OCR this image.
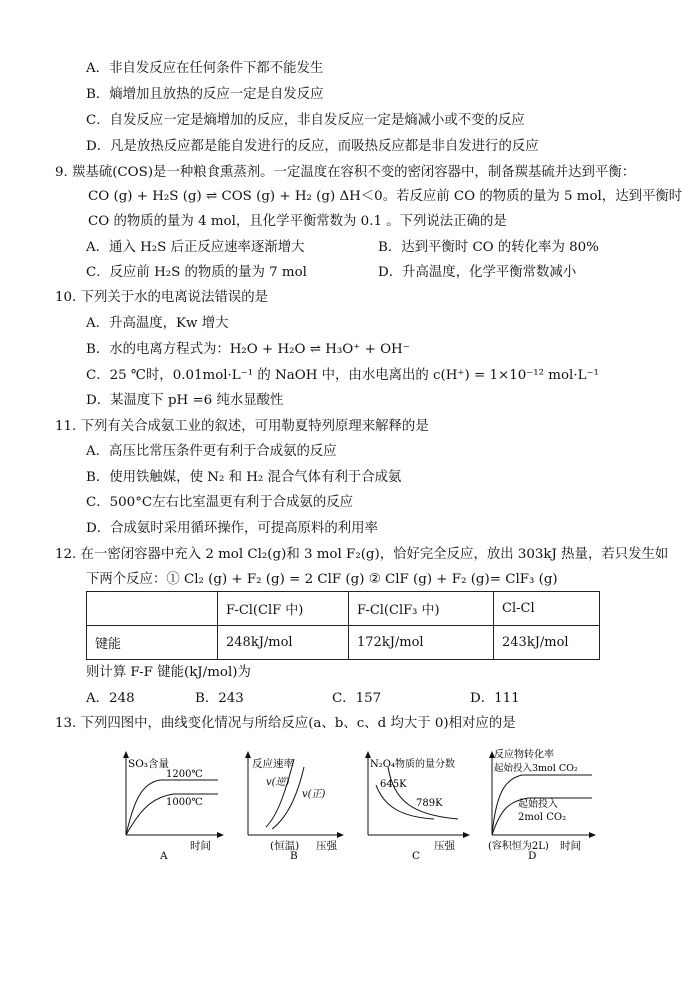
A．非自发反应在任何条件下都不能发生
B．熵增加且放热的反应一定是自发反应
C．自发反应一定是熵增加的反应，非自发反应一定是熵减小或不变的反应
D．凡是放热反应都是能自发进行的反应，而吸热反应都是非自发进行的反应
9. 羰基硫(COS)是一种粮食熏蒸剂。一定温度在容积不变的密闭容器中，制备羰基硫并达到平衡：
CO (g) + H₂S (g) ⇌ COS (g) + H₂ (g) ΔH＜0。若反应前 CO 的物质的量为 5 mol，达到平衡时
CO 的物质的量为 4 mol，且化学平衡常数为 0.1 。下列说法正确的是
A．通入 H₂S 后正反应速率逐渐增大	B．达到平衡时 CO 的转化率为 80%
C．反应前 H₂S 的物质的量为 7 mol	D．升高温度，化学平衡常数减小
10. 下列关于水的电离说法错误的是
A．升高温度，Kw 增大
B．水的电离方程式为：H₂O + H₂O ⇌ H₃O⁺ + OH⁻
C．25 ℃时，0.01mol·L⁻¹ 的 NaOH 中，由水电离出的 c(H⁺) = 1×10⁻¹² mol·L⁻¹
D．某温度下 pH =6 纯水显酸性
11. 下列有关合成氨工业的叙述，可用勒夏特列原理来解释的是
A．高压比常压条件更有利于合成氨的反应
B．使用铁触媒，使 N₂ 和 H₂ 混合气体有利于合成氨
C．500°C左右比室温更有利于合成氨的反应
D．合成氨时采用循环操作，可提高原料的利用率
12. 在一密闭容器中充入 2 mol Cl₂(g)和 3 mol F₂(g)，恰好完全反应，放出 303kJ 热量，若只发生如
下两个反应：① Cl₂ (g) + F₂ (g) = 2 ClF (g) ② ClF (g) + F₂ (g)= ClF₃ (g)
	F-Cl(ClF 中)	F-Cl(ClF₃ 中)	Cl-Cl
键能	248kJ/mol	172kJ/mol	243kJ/mol
则计算 F-F 键能(kJ/mol)为
A．248	B．243	C．157	D．111
13. 下列四图中，曲线变化情况与所给反应(a、b、c、d 均大于 0)相对应的是
SO₃含量
1200℃
1000℃
时间
A
反应速率
v(逆)
v(正)
(恒温) 压强
B
N₂O₄物质的量分数
645K
789K
压强
C
反应物转化率
起始投入3mol CO₂
起始投入
2mol CO₂
(容积恒为2L) 时间
D
